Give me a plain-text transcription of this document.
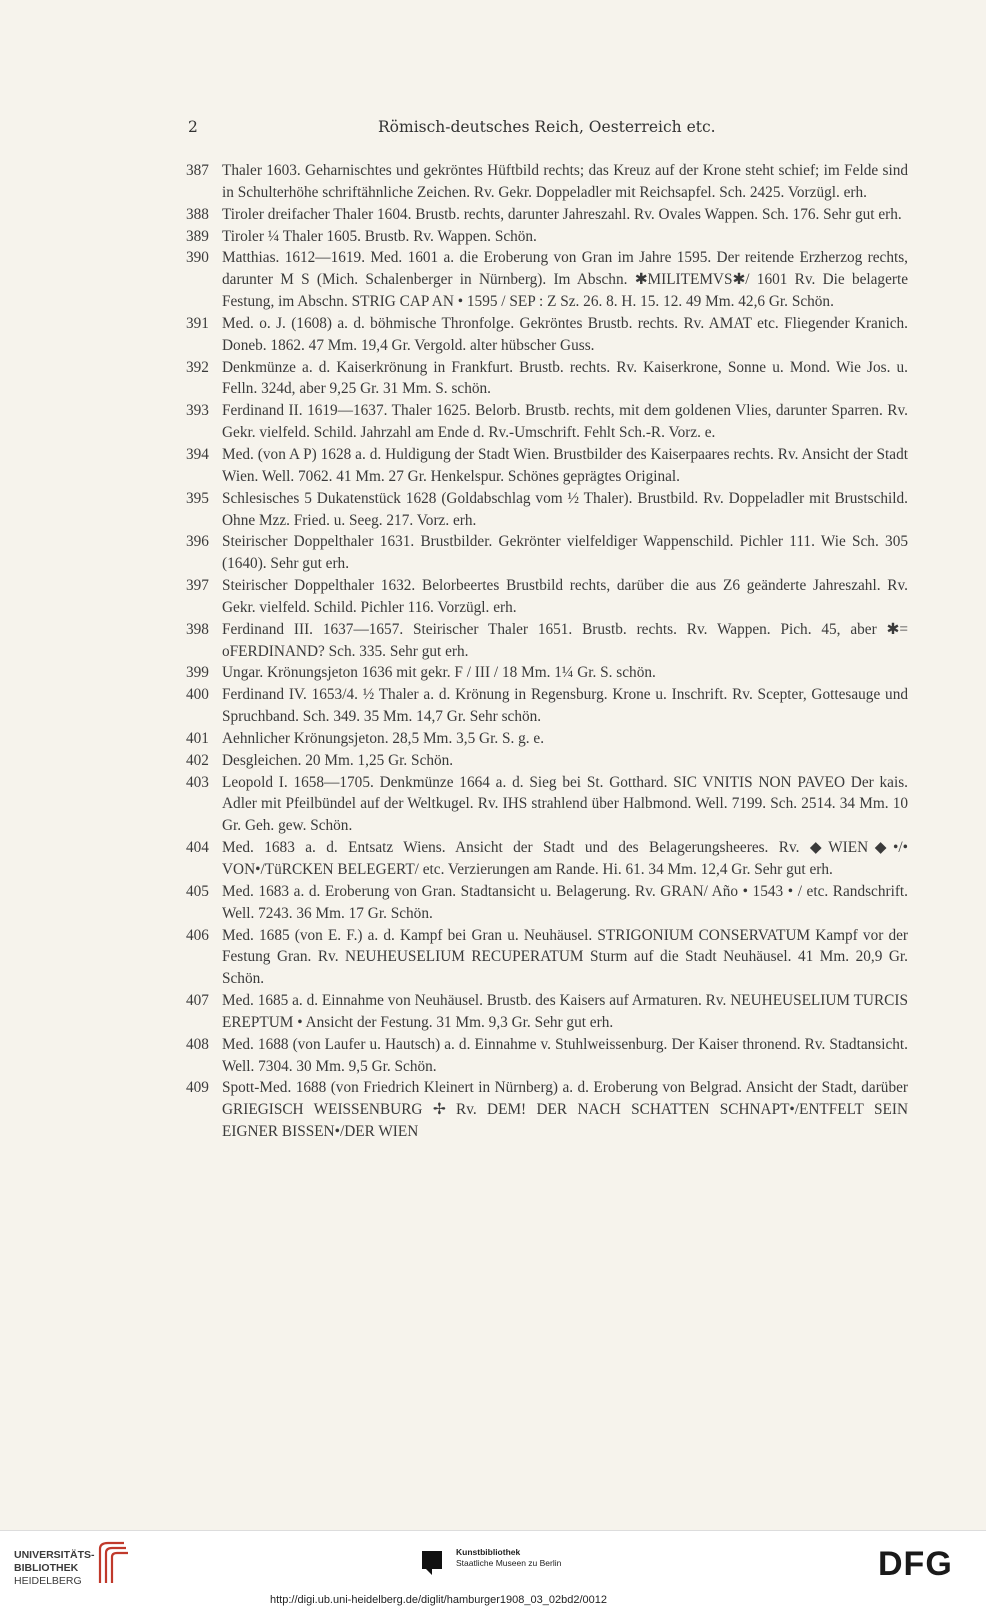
2	Römisch-deutsches Reich, Oesterreich etc.
387 Thaler 1603. Geharnischtes und gekröntes Hüftbild rechts; das Kreuz auf der Krone steht schief; im Felde sind in Schulterhöhe schriftähnliche Zeichen. Rv. Gekr. Doppeladler mit Reichsapfel. Sch. 2425. Vorzügl. erh.
388 Tiroler dreifacher Thaler 1604. Brustb. rechts, darunter Jahreszahl. Rv. Ovales Wappen. Sch. 176. Sehr gut erh.
389 Tiroler ¼ Thaler 1605. Brustb. Rv. Wappen. Schön.
390 Matthias. 1612—1619. Med. 1601 a. die Eroberung von Gran im Jahre 1595. Der reitende Erzherzog rechts, darunter M S (Mich. Schalenberger in Nürnberg). Im Abschn. ✱MILITEMVS✱/ 1601 Rv. Die belagerte Festung, im Abschn. STRIG CAP AN • 1595 / SEP : Z Sz. 26. 8. H. 15. 12. 49 Mm. 42,6 Gr. Schön.
391 Med. o. J. (1608) a. d. böhmische Thronfolge. Gekröntes Brustb. rechts. Rv. AMAT etc. Fliegender Kranich. Doneb. 1862. 47 Mm. 19,4 Gr. Vergold. alter hübscher Guss.
392 Denkmünze a. d. Kaiserkrönung in Frankfurt. Brustb. rechts. Rv. Kaiserkrone, Sonne u. Mond. Wie Jos. u. Felln. 324d, aber 9,25 Gr. 31 Mm. S. schön.
393 Ferdinand II. 1619—1637. Thaler 1625. Belorb. Brustb. rechts, mit dem goldenen Vlies, darunter Sparren. Rv. Gekr. vielfeld. Schild. Jahrzahl am Ende d. Rv.-Umschrift. Fehlt Sch.-R. Vorz. e.
394 Med. (von A P) 1628 a. d. Huldigung der Stadt Wien. Brustbilder des Kaiserpaares rechts. Rv. Ansicht der Stadt Wien. Well. 7062. 41 Mm. 27 Gr. Henkelspur. Schönes geprägtes Original.
395 Schlesisches 5 Dukatenstück 1628 (Goldabschlag vom ½ Thaler). Brustbild. Rv. Doppeladler mit Brustschild. Ohne Mzz. Fried. u. Seeg. 217. Vorz. erh.
396 Steirischer Doppelthaler 1631. Brustbilder. Gekrönter vielfeldiger Wappenschild. Pichler 111. Wie Sch. 305 (1640). Sehr gut erh.
397 Steirischer Doppelthaler 1632. Belorbeertes Brustbild rechts, darüber die aus Z6 geänderte Jahreszahl. Rv. Gekr. vielfeld. Schild. Pichler 116. Vorzügl. erh.
398 Ferdinand III. 1637—1657. Steirischer Thaler 1651. Brustb. rechts. Rv. Wappen. Pich. 45, aber ✱= oFERDINAND? Sch. 335. Sehr gut erh.
399 Ungar. Krönungsjeton 1636 mit gekr. F / III / 18 Mm. 1¼ Gr. S. schön.
400 Ferdinand IV. 1653/4. ½ Thaler a. d. Krönung in Regensburg. Krone u. Inschrift. Rv. Scepter, Gottesauge und Spruchband. Sch. 349. 35 Mm. 14,7 Gr. Sehr schön.
401 Aehnlicher Krönungsjeton. 28,5 Mm. 3,5 Gr. S. g. e.
402 Desgleichen. 20 Mm. 1,25 Gr. Schön.
403 Leopold I. 1658—1705. Denkmünze 1664 a. d. Sieg bei St. Gotthard. SIC VNITIS NON PAVEO Der kais. Adler mit Pfeilbündel auf der Weltkugel. Rv. IHS strahlend über Halbmond. Well. 7199. Sch. 2514. 34 Mm. 10 Gr. Geh. gew. Schön.
404 Med. 1683 a. d. Entsatz Wiens. Ansicht der Stadt und des Belagerungsheeres. Rv. ◆WIEN◆•/• VON•/TüRCKEN BELEGERT/ etc. Verzierungen am Rande. Hi. 61. 34 Mm. 12,4 Gr. Sehr gut erh.
405 Med. 1683 a. d. Eroberung von Gran. Stadtansicht u. Belagerung. Rv. GRAN/ Año • 1543 • / etc. Randschrift. Well. 7243. 36 Mm. 17 Gr. Schön.
406 Med. 1685 (von E. F.) a. d. Kampf bei Gran u. Neuhäusel. STRIGONIUM CONSERVATUM Kampf vor der Festung Gran. Rv. NEUHEUSELIUM RECUPERATUM Sturm auf die Stadt Neuhäusel. 41 Mm. 20,9 Gr. Schön.
407 Med. 1685 a. d. Einnahme von Neuhäusel. Brustb. des Kaisers auf Armaturen. Rv. NEUHEUSELIUM TURCIS EREPTUM • Ansicht der Festung. 31 Mm. 9,3 Gr. Sehr gut erh.
408 Med. 1688 (von Laufer u. Hautsch) a. d. Einnahme v. Stuhlweissenburg. Der Kaiser thronend. Rv. Stadtansicht. Well. 7304. 30 Mm. 9,5 Gr. Schön.
409 Spott-Med. 1688 (von Friedrich Kleinert in Nürnberg) a. d. Eroberung von Belgrad. Ansicht der Stadt, darüber GRIEGISCH WEISSENBURG ✢ Rv. DEM! DER NACH SCHATTEN SCHNAPT•/ENTFELT SEIN EIGNER BISSEN•/DER WIEN
UNIVERSITÄTS-
BIBLIOTHEK
HEIDELBERG
Kunstbibliothek
Staatliche Museen zu Berlin	DFG
http://digi.ub.uni-heidelberg.de/diglit/hamburger1908_03_02bd2/0012
